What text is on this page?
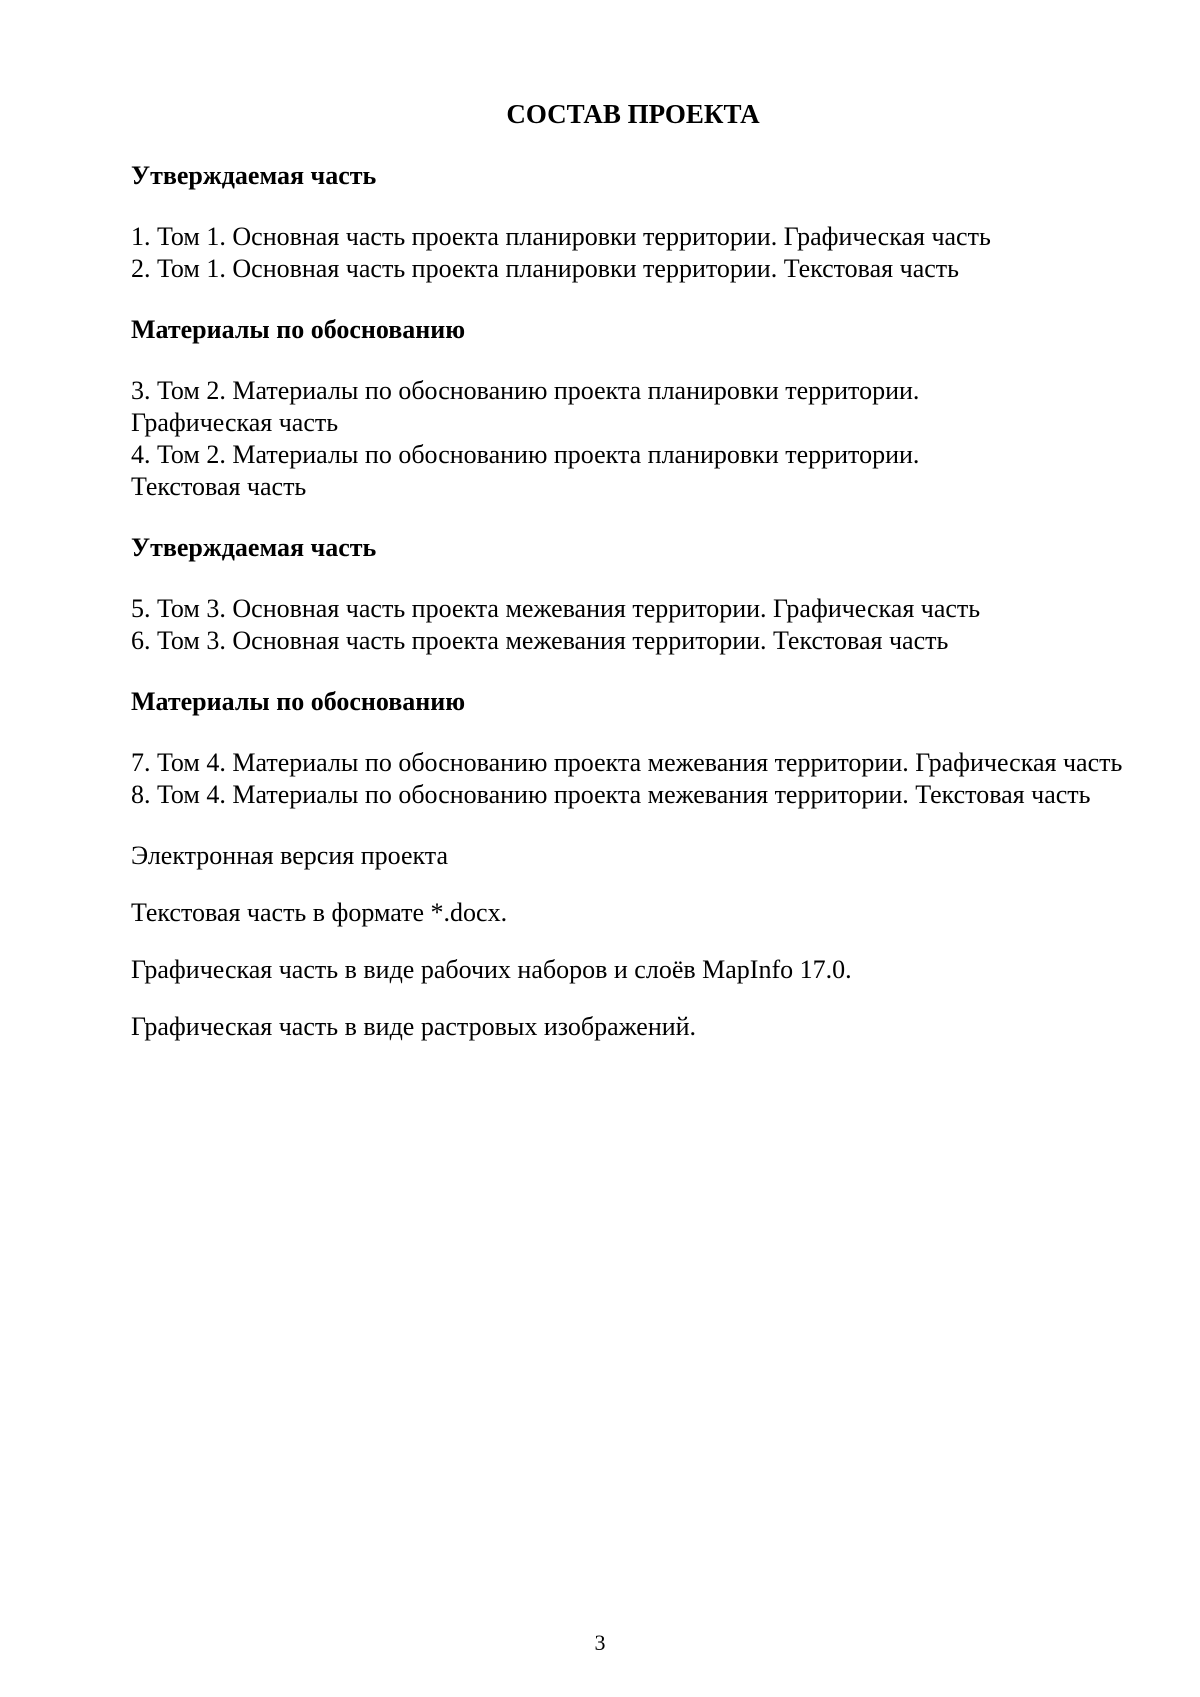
СОСТАВ ПРОЕКТА
Утверждаемая часть
1. Том 1. Основная часть проекта планировки территории. Графическая часть
2. Том 1. Основная часть проекта планировки территории. Текстовая часть
Материалы по обоснованию
3. Том 2. Материалы по обоснованию проекта планировки территории. Графическая часть
4. Том 2. Материалы по обоснованию проекта планировки территории. Текстовая часть
Утверждаемая часть
5. Том 3. Основная часть проекта межевания территории. Графическая часть
6. Том 3. Основная часть проекта межевания территории. Текстовая часть
Материалы по обоснованию
7. Том 4. Материалы по обоснованию проекта межевания территории. Графическая часть
8. Том 4. Материалы по обоснованию проекта межевания территории. Текстовая часть
Электронная версия проекта
Текстовая часть в формате *.docx.
Графическая часть в виде рабочих наборов и слоёв MapInfo 17.0.
Графическая часть в виде растровых изображений.
3
